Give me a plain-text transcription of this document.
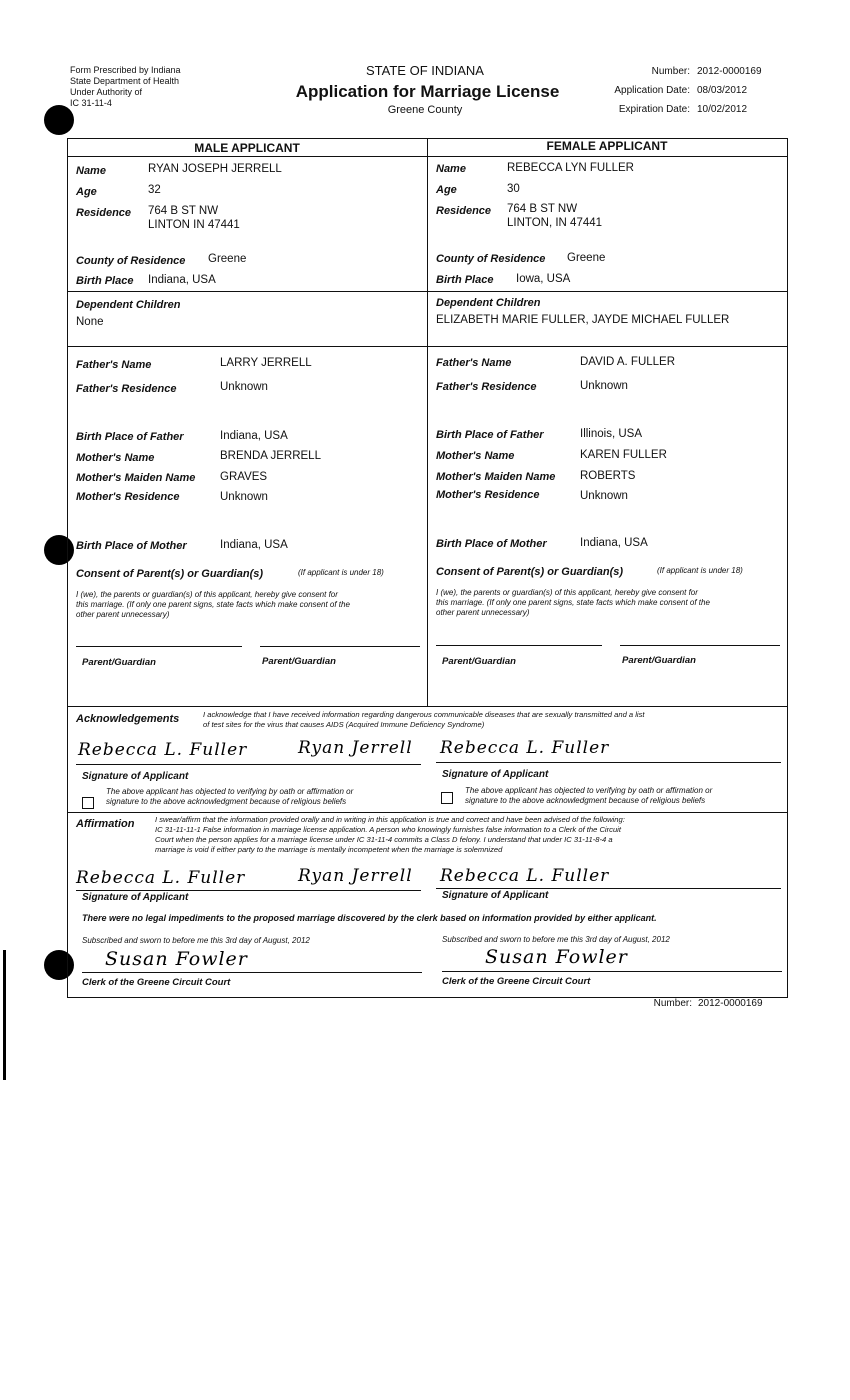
Form Prescribed by Indiana
State Department of Health
Under Authority of
IC 31-11-4
STATE OF INDIANA
Application for Marriage License
Greene County
Number: 2012-0000169
Application Date: 08/03/2012
Expiration Date: 10/02/2012
MALE APPLICANT	FEMALE APPLICANT
Name	RYAN JOSEPH JERRELL
Age	32
Residence 764 B ST NW
LINTON IN 47441
County of Residence Greene
Birth Place Indiana, USA
Dependent Children
None
Father's Name	LARRY JERRELL
Father's Residence	Unknown
Birth Place of Father	Indiana, USA
Mother's Name	BRENDA JERRELL
Mother's Maiden Name GRAVES
Mother's Residence	Unknown
Birth Place of Mother	Indiana, USA
Name	REBECCA LYN FULLER
Age	30
Residence 764 B ST NW
LINTON, IN 47441
County of Residence Greene
Birth Place Iowa, USA
Dependent Children
ELIZABETH MARIE FULLER, JAYDE MICHAEL FULLER
Father's Name	DAVID A. FULLER
Father's Residence	Unknown
Birth Place of Father	Illinois, USA
Mother's Name	KAREN FULLER
Mother's Maiden Name ROBERTS
Mother's Residence	Unknown
Birth Place of Mother	Indiana, USA
Consent of Parent(s) or Guardian(s)	(If applicant is under 18)
I (we), the parents or guardian(s) of this applicant, hereby give consent for
this marriage. (If only one parent signs, state facts which make consent of the
other parent unnecessary)
Parent/Guardian	Parent/Guardian
Consent of Parent(s) or Guardian(s)	(If applicant is under 18)
I (we), the parents or guardian(s) of this applicant, hereby give consent for
this marriage. (If only one parent signs, state facts which make consent of the
other parent unnecessary)
Parent/Guardian	Parent/Guardian
Acknowledgements	I acknowledge that I have received information regarding dangerous communicable diseases that are sexually transmitted and a list
of test sites for the virus that causes AIDS (Acquired Immune Deficiency Syndrome)
Rebecca L. Fuller	Ryan Jerrell Rebecca L. Fuller
Signature of Applicant	Signature of Applicant
The above applicant has objected to verifying by oath or affirmation or
signature to the above acknowledgment because of religious beliefs
The above applicant has objected to verifying by oath or affirmation or
signature to the above acknowledgment because of religious beliefs
Affirmation	I swear/affirm that the information provided orally and in writing in this application is true and correct and have been advised of the following:
IC 31-11-11-1 False information in marriage license application. A person who knowingly furnishes false information to a Clerk of the Circuit
Court when the person applies for a marriage license under IC 31-11-4 commits a Class D felony. I understand that under IC 31-11-8-4 a
marriage is void if either party to the marriage is mentally incompetent when the marriage is solemnized
Rebecca L. Fuller	Ryan Jerrell Rebecca L. Fuller
Signature of Applicant	Signature of Applicant
There were no legal impediments to the proposed marriage discovered by the clerk based on information provided by either applicant.
Subscribed and sworn to before me this 3rd day of August, 2012	Subscribed and sworn to before me this 3rd day of August, 2012
Susan Fowler	Susan Fowler
Clerk of the Greene Circuit Court	Clerk of the Greene Circuit Court
Number: 2012-0000169
